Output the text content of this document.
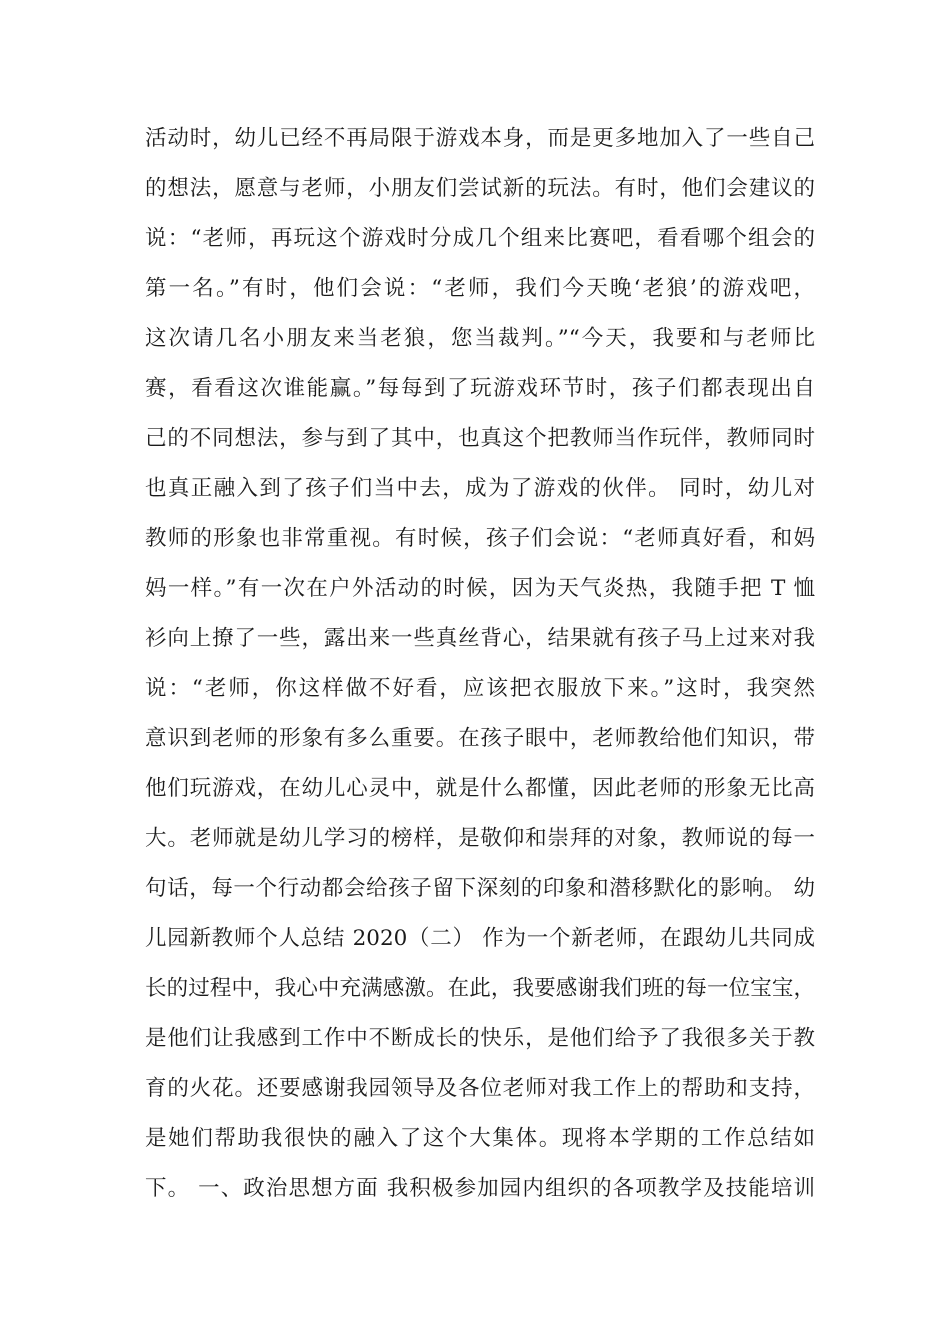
活动时，幼儿已经不再局限于游戏本身，而是更多地加入了一些自己
的想法，愿意与老师，小朋友们尝试新的玩法。有时，他们会建议的
说：“老师，再玩这个游戏时分成几个组来比赛吧，看看哪个组会的
第一名。”有时，他们会说：“老师，我们今天晚‘老狼’的游戏吧，
这次请几名小朋友来当老狼，您当裁判。”“今天，我要和与老师比
赛，看看这次谁能赢。”每每到了玩游戏环节时，孩子们都表现出自
己的不同想法，参与到了其中，也真这个把教师当作玩伴，教师同时
也真正融入到了孩子们当中去，成为了游戏的伙伴。 同时，幼儿对
教师的形象也非常重视。有时候，孩子们会说：“老师真好看，和妈
妈一样。”有一次在户外活动的时候，因为天气炎热，我随手把 T 恤
衫向上撩了一些，露出来一些真丝背心，结果就有孩子马上过来对我
说：“老师，你这样做不好看，应该把衣服放下来。”这时，我突然
意识到老师的形象有多么重要。在孩子眼中，老师教给他们知识，带
他们玩游戏，在幼儿心灵中，就是什么都懂，因此老师的形象无比高
大。老师就是幼儿学习的榜样，是敬仰和崇拜的对象，教师说的每一
句话，每一个行动都会给孩子留下深刻的印象和潜移默化的影响。 幼
儿园新教师个人总结 2020（二） 作为一个新老师，在跟幼儿共同成
长的过程中，我心中充满感激。在此，我要感谢我们班的每一位宝宝，
是他们让我感到工作中不断成长的快乐，是他们给予了我很多关于教
育的火花。还要感谢我园领导及各位老师对我工作上的帮助和支持，
是她们帮助我很快的融入了这个大集体。现将本学期的工作总结如
下。 一、政治思想方面 我积极参加园内组织的各项教学及技能培训
